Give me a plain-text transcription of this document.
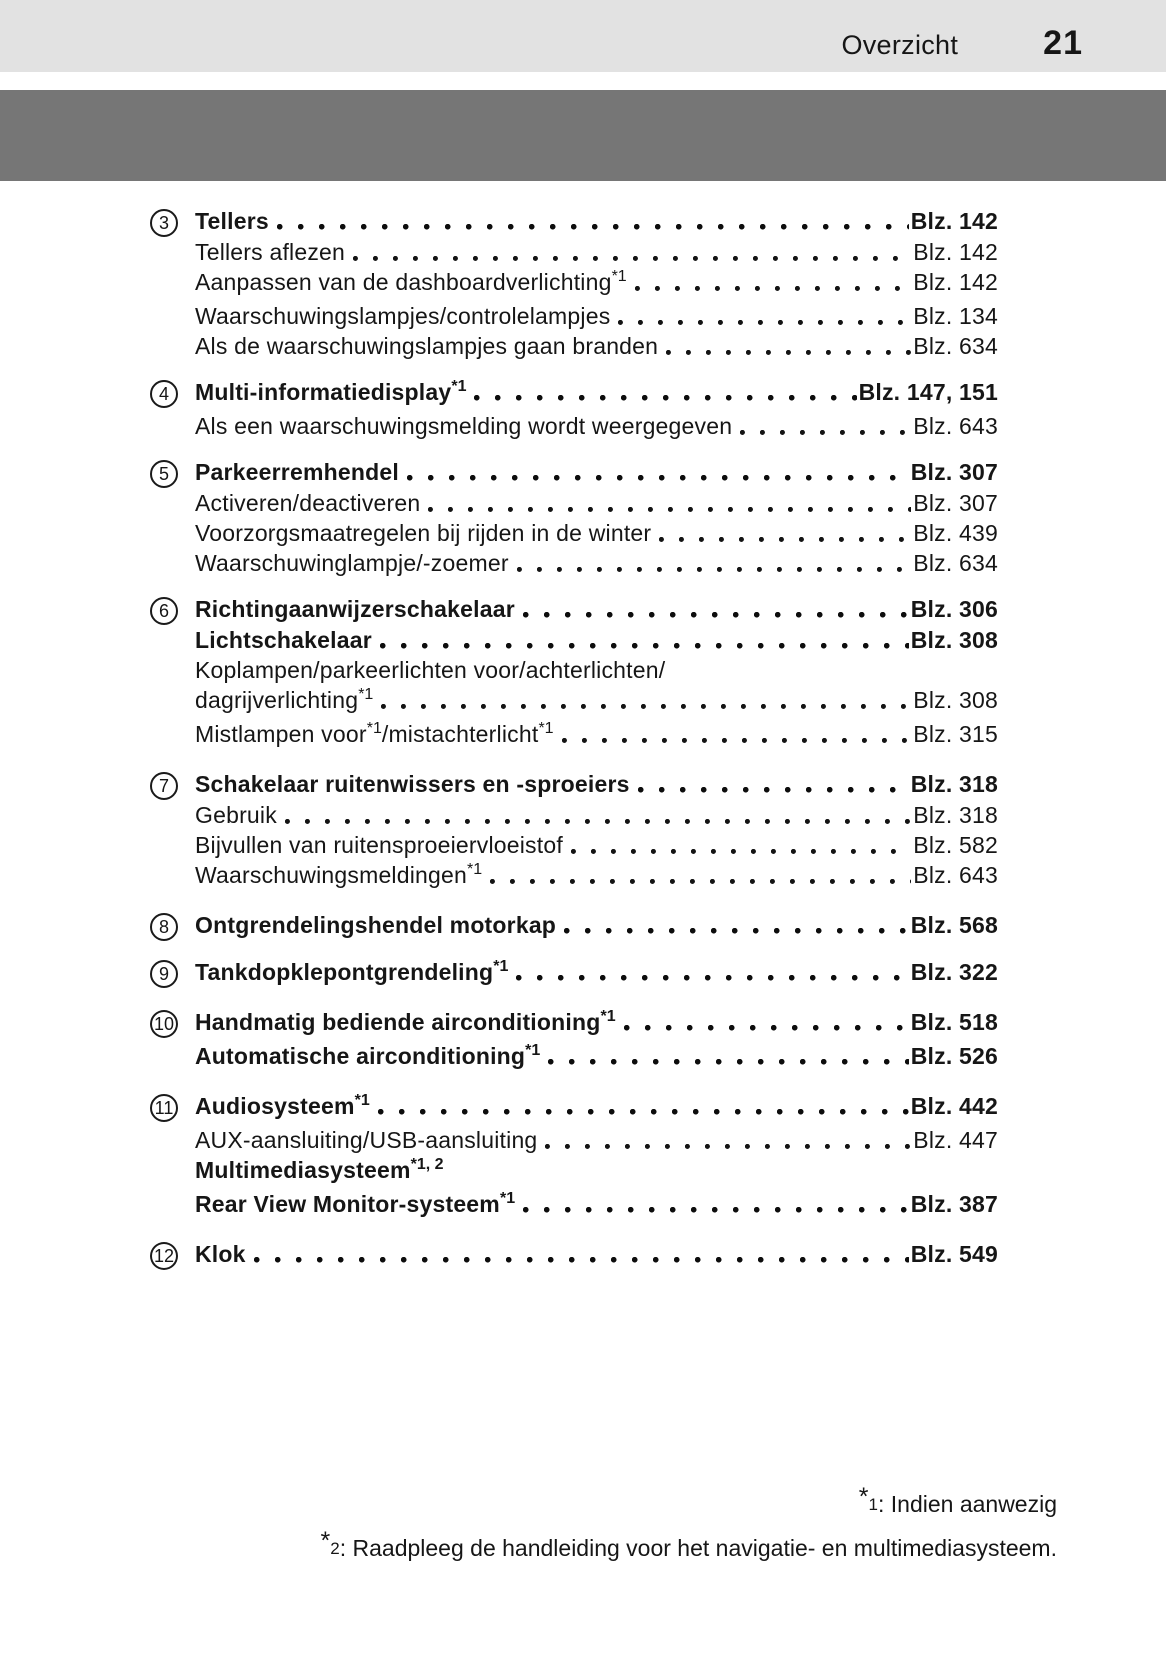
Overzicht	21
3	Tellers	Blz. 142
Tellers aflezen	Blz. 142
Aanpassen van de dashboardverlichting$^{*1}$	Blz. 142
Waarschuwingslampjes/controlelampjes	Blz. 134
Als de waarschuwingslampjes gaan branden	Blz. 634
4	Multi-informatiedisplay$^{*1}$	Blz. 147, 151
Als een waarschuwingsmelding wordt weergegeven	Blz. 643
5	Parkeerremhendel	Blz. 307
Activeren/deactiveren	Blz. 307
Voorzorgsmaatregelen bij rijden in de winter	Blz. 439
Waarschuwinglampje/-zoemer	Blz. 634
6	Richtingaanwijzerschakelaar	Blz. 306
Lichtschakelaar	Blz. 308
Koplampen/parkeerlichten voor/achterlichten/
dagrijverlichting$^{*1}$	Blz. 308
Mistlampen voor$^{*1}$/mistachterlicht$^{*1}$	Blz. 315
7	Schakelaar ruitenwissers en -sproeiers	Blz. 318
Gebruik	Blz. 318
Bijvullen van ruitensproeiervloeistof	Blz. 582
Waarschuwingsmeldingen$^{*1}$	Blz. 643
8	Ontgrendelingshendel motorkap	Blz. 568
9	Tankdopklepontgrendeling$^{*1}$	Blz. 322
10 Handmatig bediende airconditioning$^{*1}$	Blz. 518
Automatische airconditioning$^{*1}$	Blz. 526
11 Audiosysteem$^{*1}$	Blz. 442
AUX-aansluiting/USB-aansluiting	Blz. 447
Multimediasysteem$^{*1, 2}$
Rear View Monitor-systeem$^{*1}$	Blz. 387
12 Klok	Blz. 549
*1: Indien aanwezig
*2: Raadpleeg de handleiding voor het navigatie- en multimediasysteem.
